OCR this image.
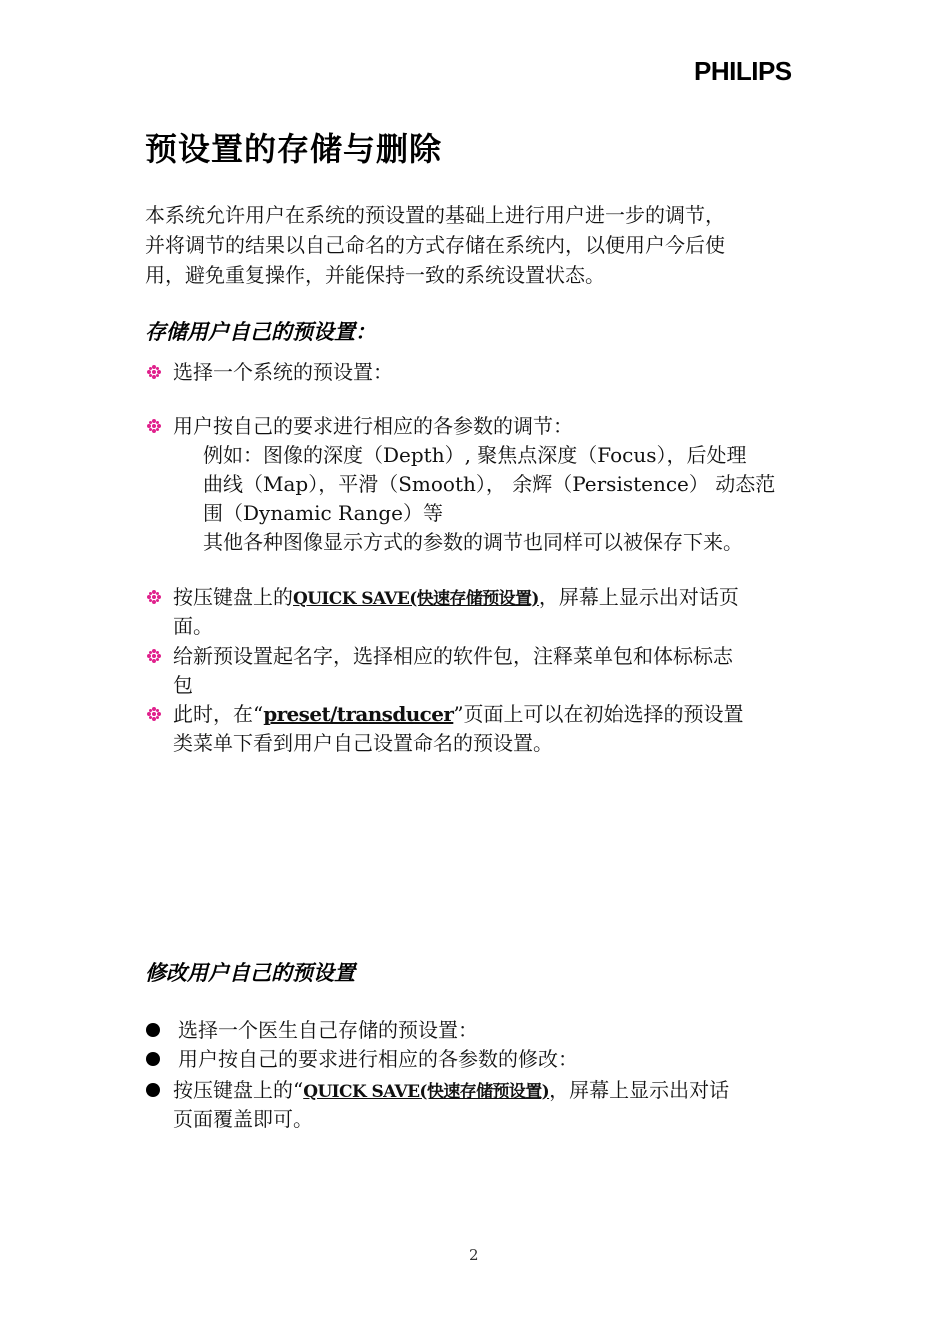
PHILIPS
预设置的存储与删除
本系统允许用户在系统的预设置的基础上进行用户进一步的调节，
并将调节的结果以自己命名的方式存储在系统内，以便用户今后使
用，避免重复操作，并能保持一致的系统设置状态。
存储用户自己的预设置：
选择一个系统的预设置：
用户按自己的要求进行相应的各参数的调节：
例如：图像的深度（Depth）, 聚焦点深度（Focus），后处理
曲线（Map），平滑（Smooth）， 余辉（Persistence） 动态范
围（Dynamic Range）等
其他各种图像显示方式的参数的调节也同样可以被保存下来。
按压键盘上的QUICK SAVE(快速存储预设置)，屏幕上显示出对话页
面。
给新预设置起名字，选择相应的软件包，注释菜单包和体标标志
包
此时，在“preset/transducer”页面上可以在初始选择的预设置
类菜单下看到用户自己设置命名的预设置。
修改用户自己的预设置
选择一个医生自己存储的预设置：
用户按自己的要求进行相应的各参数的修改：
按压键盘上的“QUICK SAVE(快速存储预设置)，屏幕上显示出对话
页面覆盖即可。
2
